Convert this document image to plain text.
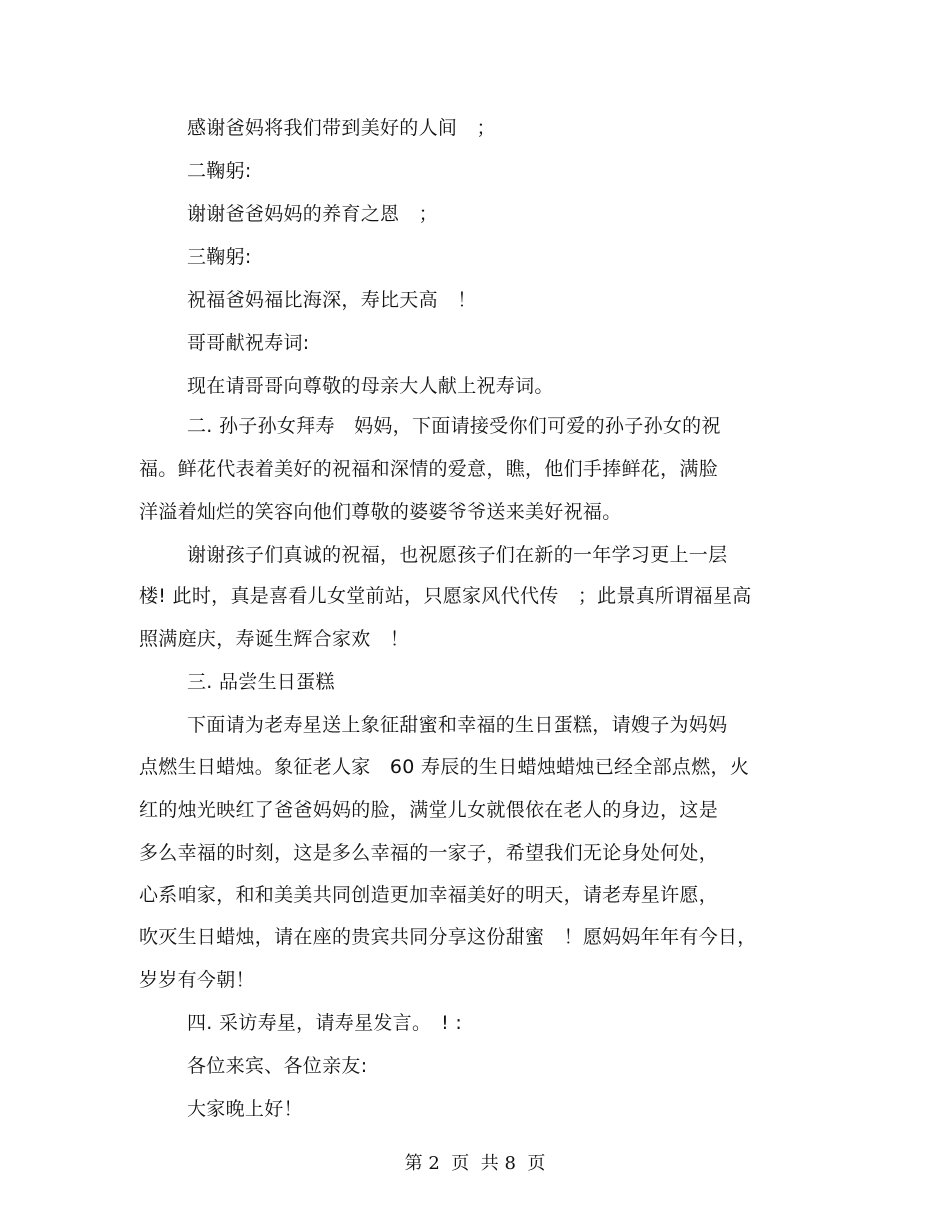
感谢爸妈将我们带到美好的人间　；
二鞠躬:
谢谢爸爸妈妈的养育之恩　；
三鞠躬:
祝福爸妈福比海深，寿比天高　！
哥哥献祝寿词:
现在请哥哥向尊敬的母亲大人献上祝寿词。
二. 孙子孙女拜寿　妈妈，下面请接受你们可爱的孙子孙女的祝
福。鲜花代表着美好的祝福和深情的爱意，瞧，他们手捧鲜花，满脸
洋溢着灿烂的笑容向他们尊敬的婆婆爷爷送来美好祝福。
谢谢孩子们真诚的祝福，也祝愿孩子们在新的一年学习更上一层
楼! 此时，真是喜看儿女堂前站，只愿家风代代传　；此景真所谓福星高
照满庭庆，寿诞生辉合家欢　！
三. 品尝生日蛋糕
下面请为老寿星送上象征甜蜜和幸福的生日蛋糕，请嫂子为妈妈
点燃生日蜡烛。象征老人家　60 寿辰的生日蜡烛蜡烛已经全部点燃，火
红的烛光映红了爸爸妈妈的脸，满堂儿女就偎依在老人的身边，这是
多么幸福的时刻，这是多么幸福的一家子，希望我们无论身处何处，
心系咱家，和和美美共同创造更加幸福美好的明天，请老寿星许愿，
吹灭生日蜡烛，请在座的贵宾共同分享这份甜蜜　！愿妈妈年年有今日，
岁岁有今朝！
四. 采访寿星，请寿星发言。　! :
各位来宾、各位亲友:
大家晚上好！
第 2  页  共 8  页
